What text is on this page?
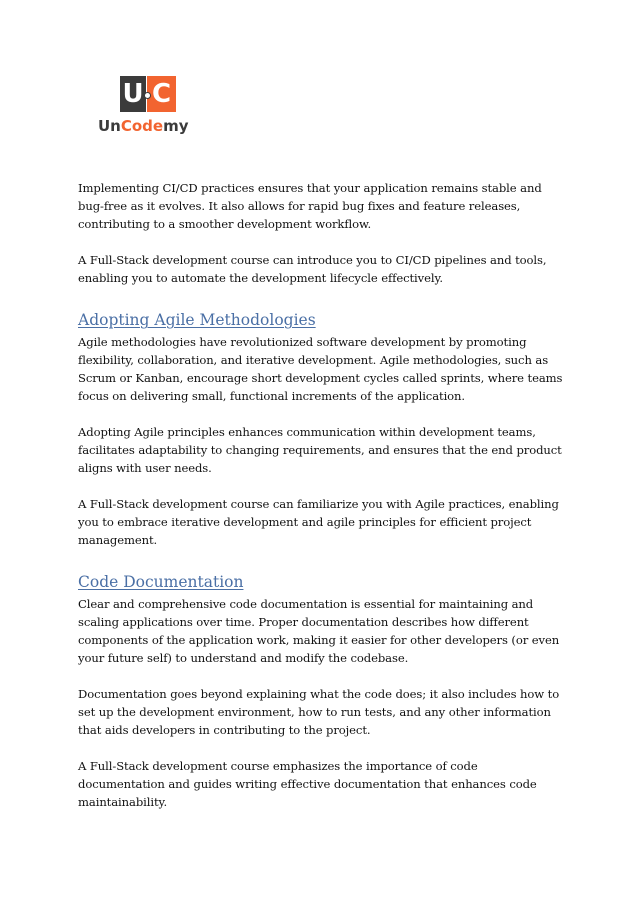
U C
UnCodemy

Implementing CI/CD practices ensures that your application remains stable and bug-free as it evolves. It also allows for rapid bug fixes and feature releases, contributing to a smoother development workflow.

A Full-Stack development course can introduce you to CI/CD pipelines and tools, enabling you to automate the development lifecycle effectively.

Adopting Agile Methodologies

Agile methodologies have revolutionized software development by promoting flexibility, collaboration, and iterative development. Agile methodologies, such as Scrum or Kanban, encourage short development cycles called sprints, where teams focus on delivering small, functional increments of the application.

Adopting Agile principles enhances communication within development teams, facilitates adaptability to changing requirements, and ensures that the end product aligns with user needs.

A Full-Stack development course can familiarize you with Agile practices, enabling you to embrace iterative development and agile principles for efficient project management.

Code Documentation

Clear and comprehensive code documentation is essential for maintaining and scaling applications over time. Proper documentation describes how different components of the application work, making it easier for other developers (or even your future self) to understand and modify the codebase.

Documentation goes beyond explaining what the code does; it also includes how to set up the development environment, how to run tests, and any other information that aids developers in contributing to the project.

A Full-Stack development course emphasizes the importance of code documentation and guides writing effective documentation that enhances code maintainability.
